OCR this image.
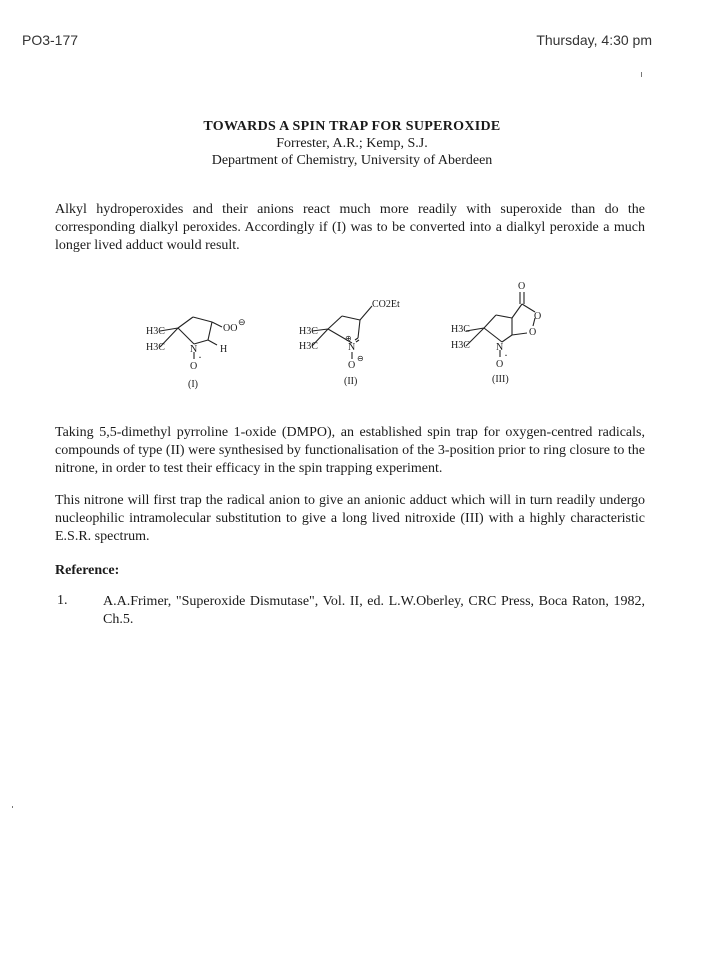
PO3-177	Thursday, 4:30 pm
TOWARDS A SPIN TRAP FOR SUPEROXIDE
Forrester, A.R.; Kemp, S.J.
Department of Chemistry, University of Aberdeen
Alkyl hydroperoxides and their anions react much more readily with superoxide than do the corresponding dialkyl peroxides. Accordingly if (I) was to be converted into a dialkyl peroxide a much longer lived adduct would result.
H3C
H3C
OO
⊖
N H
O
·
(I)
H3C
H3C
CO2Et
⊕
N
O
⊖
(II)
H3C
H3C
O
O
O
N
O
·
(III)
Taking 5,5-dimethyl pyrroline 1-oxide (DMPO), an established spin trap for oxygen-centred radicals, compounds of type (II) were synthesised by functionalisation of the 3-position prior to ring closure to the nitrone, in order to test their efficacy in the spin trapping experiment.
This nitrone will first trap the radical anion to give an anionic adduct which will in turn readily undergo nucleophilic intramolecular substitution to give a long lived nitroxide (III) with a highly characteristic E.S.R. spectrum.
Reference:
1.	A.A.Frimer, "Superoxide Dismutase", Vol. II, ed. L.W.Oberley, CRC Press, Boca Raton, 1982, Ch.5.
